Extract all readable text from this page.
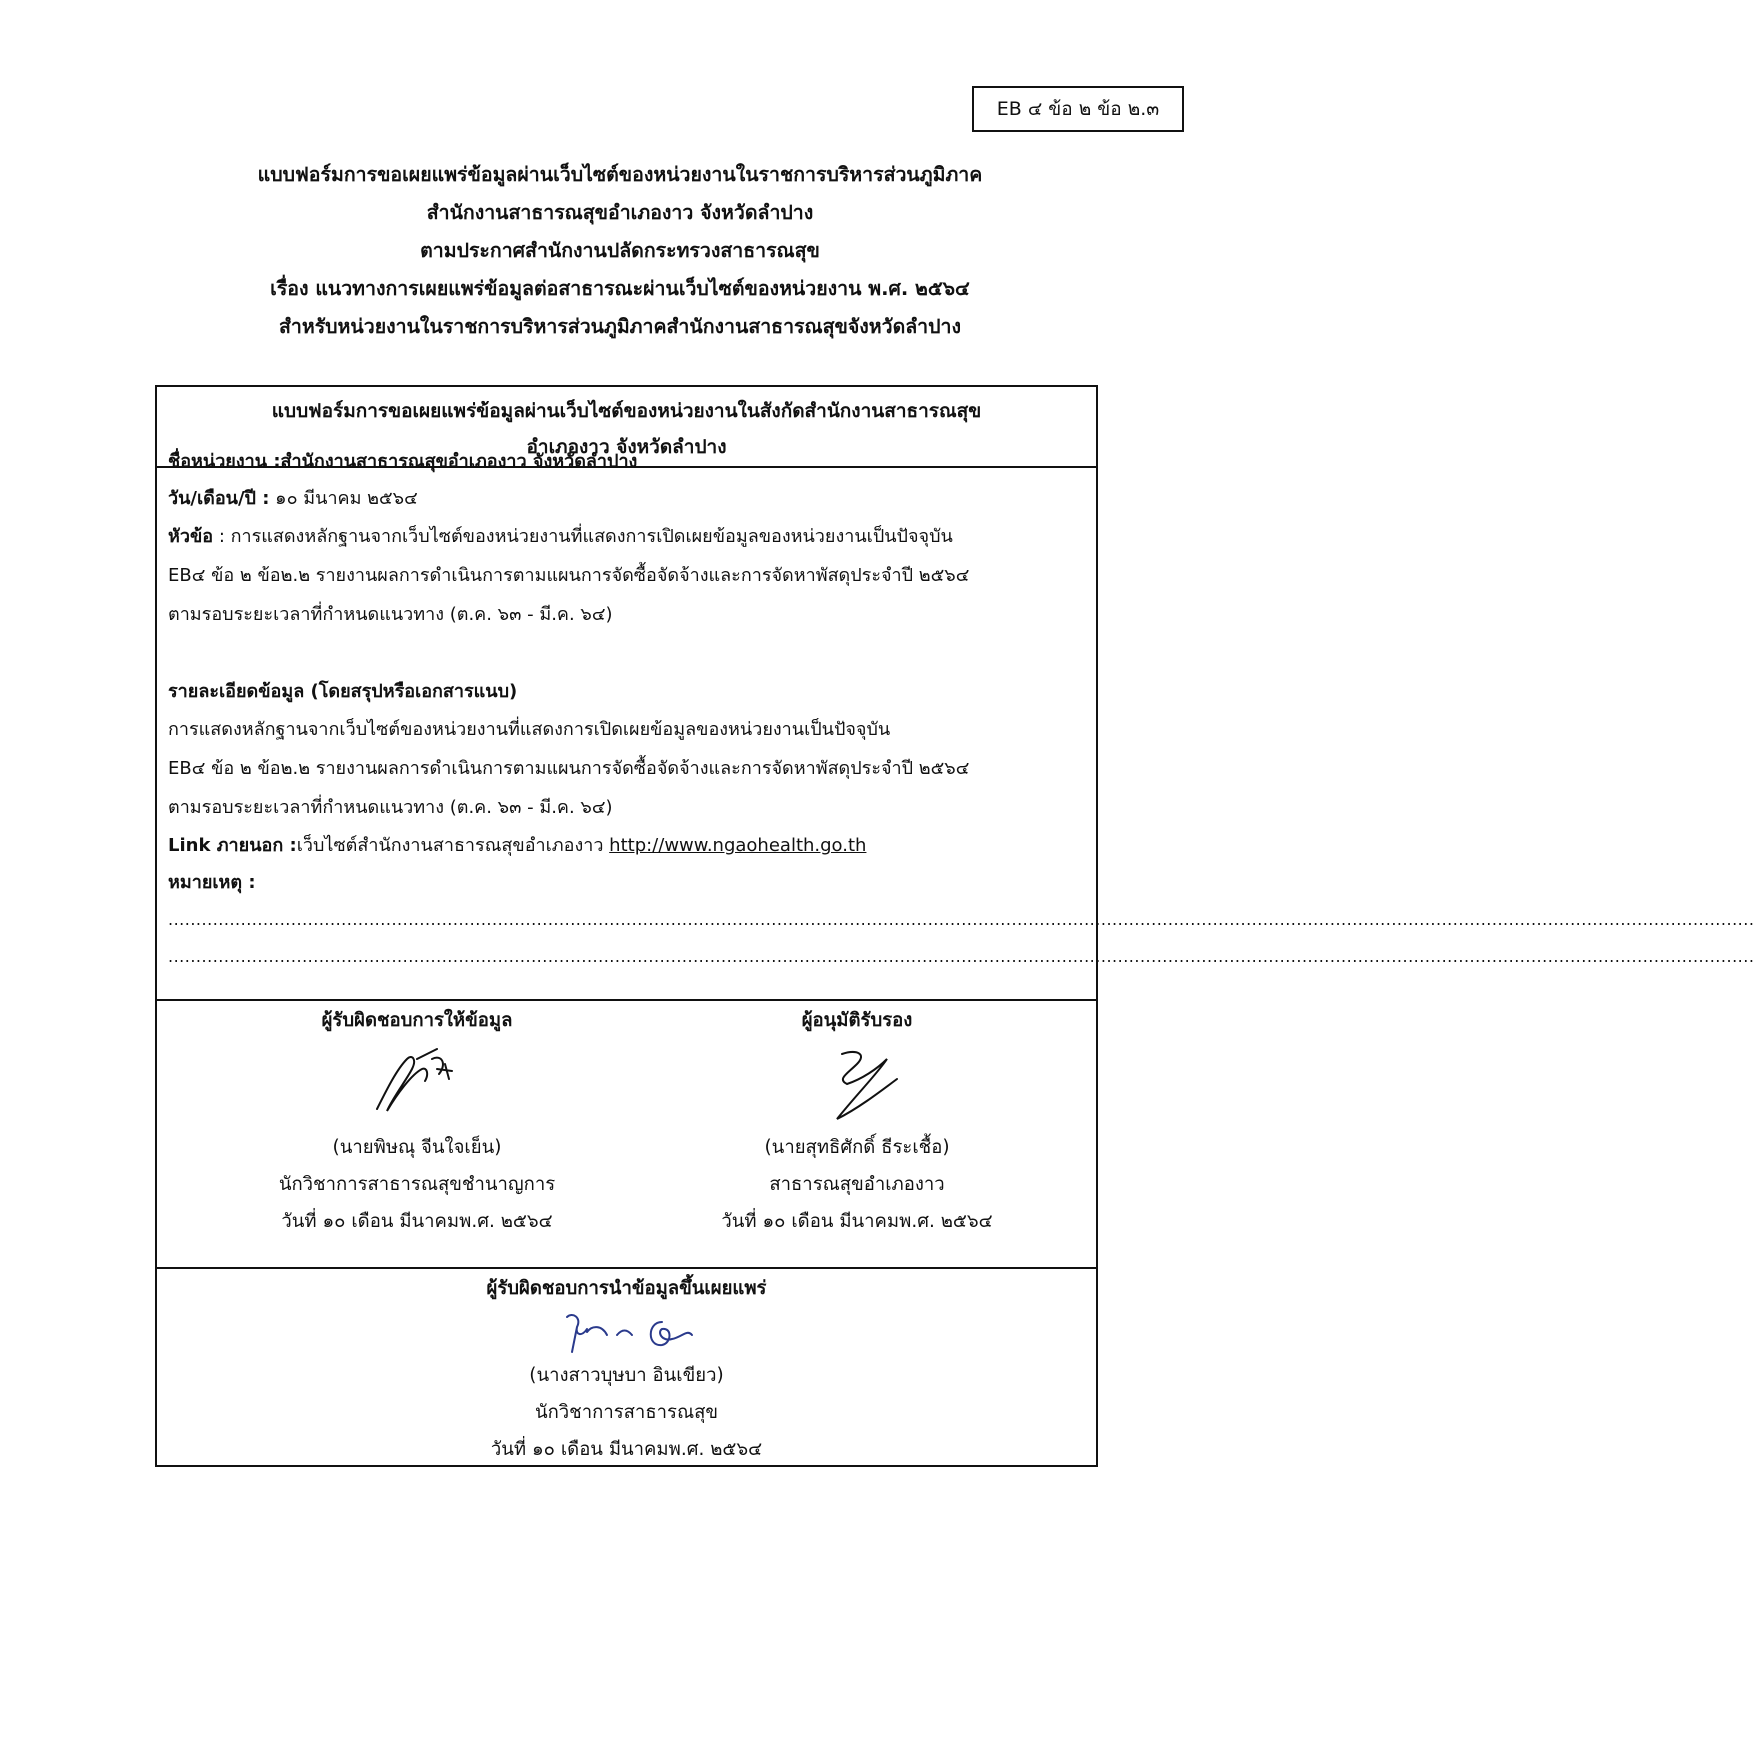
EB ๔ ข้อ ๒ ข้อ ๒.๓
แบบฟอร์มการขอเผยแพร่ข้อมูลผ่านเว็บไซต์ของหน่วยงานในราชการบริหารส่วนภูมิภาค
สำนักงานสาธารณสุขอำเภองาว จังหวัดลำปาง
ตามประกาศสำนักงานปลัดกระทรวงสาธารณสุข
เรื่อง แนวทางการเผยแพร่ข้อมูลต่อสาธารณะผ่านเว็บไซต์ของหน่วยงาน พ.ศ. ๒๕๖๔
สำหรับหน่วยงานในราชการบริหารส่วนภูมิภาคสำนักงานสาธารณสุขจังหวัดลำปาง
แบบฟอร์มการขอเผยแพร่ข้อมูลผ่านเว็บไซต์ของหน่วยงานในสังกัดสำนักงานสาธารณสุข
อำเภองาว จังหวัดลำปาง
ชื่อหน่วยงาน :สำนักงานสาธารณสุขอำเภองาว จังหวัดลำปาง
วัน/เดือน/ปี : ๑๐ มีนาคม ๒๕๖๔
หัวข้อ : การแสดงหลักฐานจากเว็บไซต์ของหน่วยงานที่แสดงการเปิดเผยข้อมูลของหน่วยงานเป็นปัจจุบัน
EB๔ ข้อ ๒ ข้อ๒.๒ รายงานผลการดำเนินการตามแผนการจัดซื้อจัดจ้างและการจัดหาพัสดุประจำปี ๒๕๖๔
ตามรอบระยะเวลาที่กำหนดแนวทาง (ต.ค. ๖๓ - มี.ค. ๖๔)
รายละเอียดข้อมูล (โดยสรุปหรือเอกสารแนบ)
การแสดงหลักฐานจากเว็บไซต์ของหน่วยงานที่แสดงการเปิดเผยข้อมูลของหน่วยงานเป็นปัจจุบัน
EB๔ ข้อ ๒ ข้อ๒.๒ รายงานผลการดำเนินการตามแผนการจัดซื้อจัดจ้างและการจัดหาพัสดุประจำปี ๒๕๖๔
ตามรอบระยะเวลาที่กำหนดแนวทาง (ต.ค. ๖๓ - มี.ค. ๖๔)
Link ภายนอก :เว็บไซต์สำนักงานสาธารณสุขอำเภองาว http://www.ngaohealth.go.th
หมายเหตุ :
............................................................................................................................................................................................................................................................................................
............................................................................................................................................................................................................................................................................................
ผู้รับผิดชอบการให้ข้อมูล
(นายพิษณุ จีนใจเย็น)
นักวิชาการสาธารณสุขชำนาญการ
วันที่ ๑๐ เดือน มีนาคมพ.ศ. ๒๕๖๔
ผู้อนุมัติรับรอง
(นายสุทธิศักดิ์ ธีระเชื้อ)
สาธารณสุขอำเภองาว
วันที่ ๑๐ เดือน มีนาคมพ.ศ. ๒๕๖๔
ผู้รับผิดชอบการนำข้อมูลขึ้นเผยแพร่
(นางสาวบุษบา อินเขียว)
นักวิชาการสาธารณสุข
วันที่ ๑๐ เดือน มีนาคมพ.ศ. ๒๕๖๔
